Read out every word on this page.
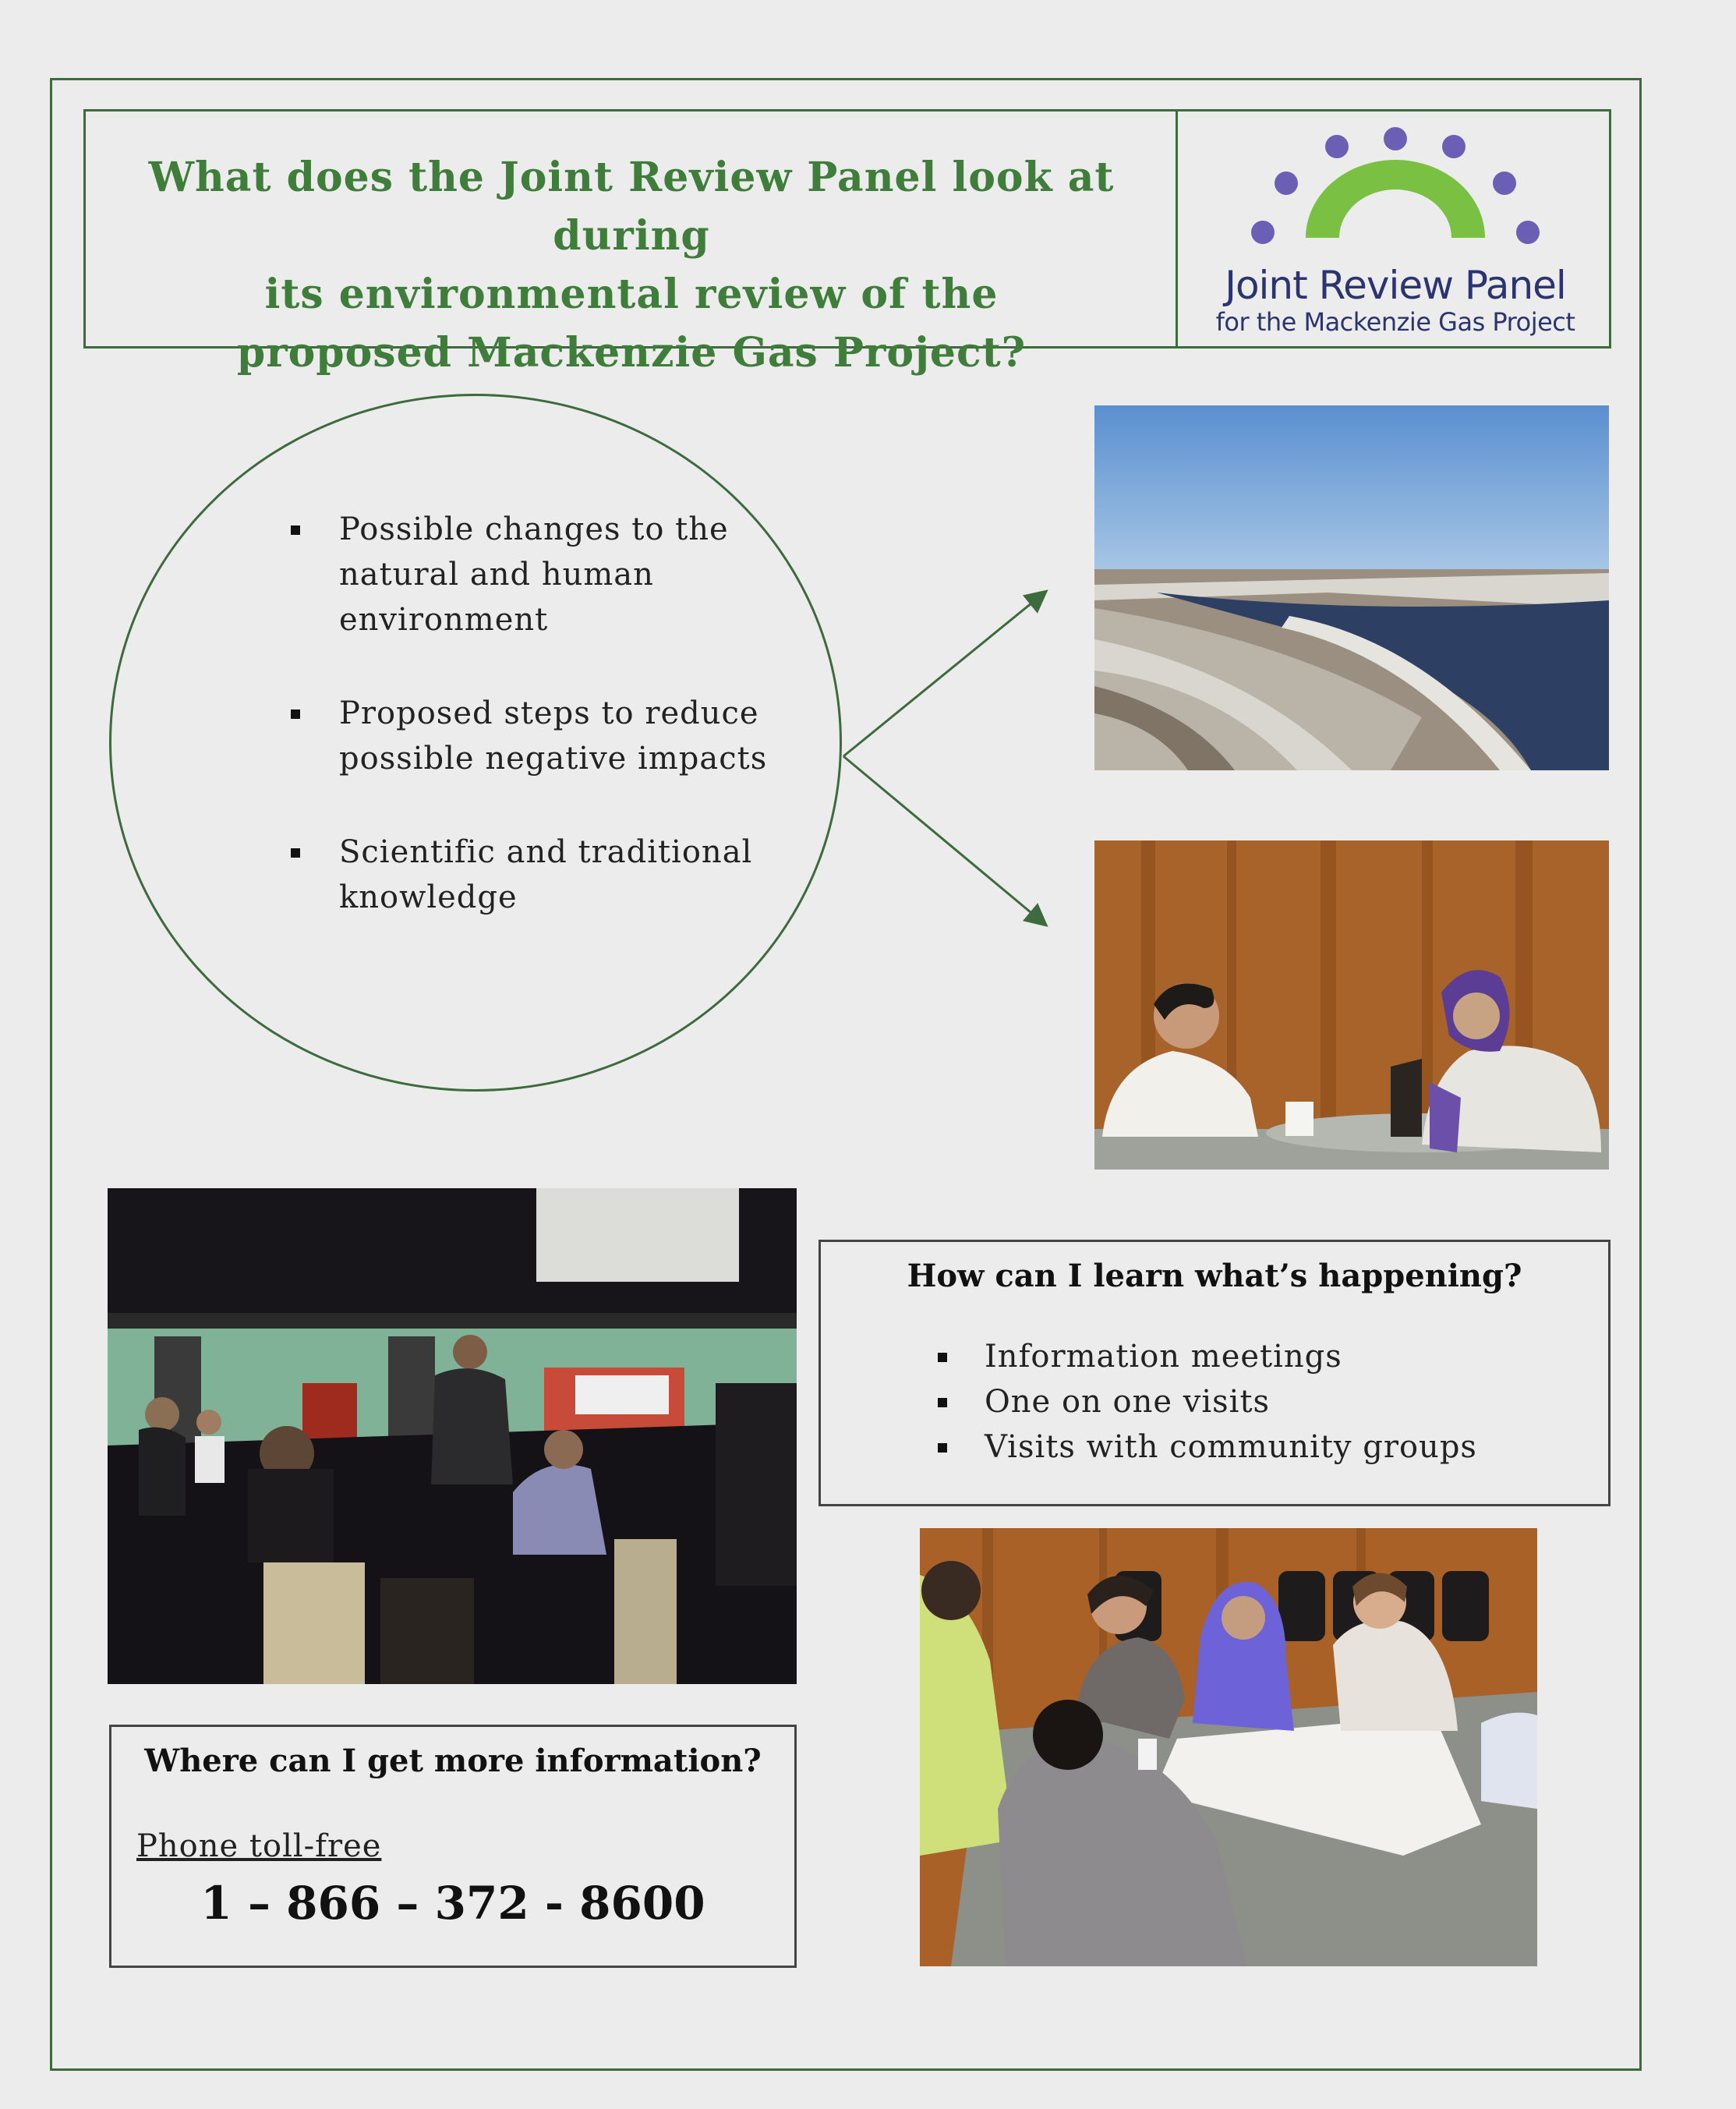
What does the Joint Review Panel look at during
its environmental review of the
proposed Mackenzie Gas Project?
Joint Review Panel
for the Mackenzie Gas Project
Possible changes to the natural and human environment
Proposed steps to reduce possible negative impacts
Scientific and traditional knowledge
How can I learn what’s happening?
Information meetings
One on one visits
Visits with community groups
Where can I get more information?
Phone toll-free
1 – 866 – 372 - 8600
